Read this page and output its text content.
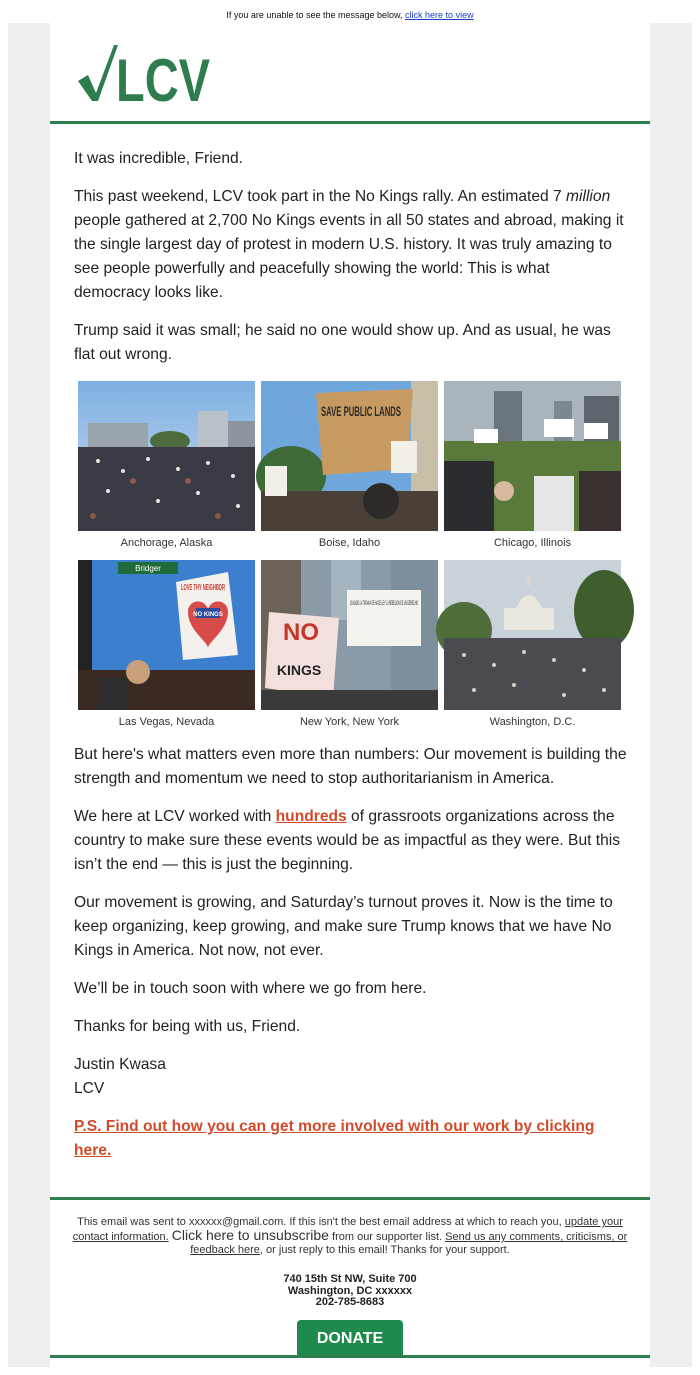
If you are unable to see the message below, click here to view
LCV

It was incredible, Friend.

This past weekend, LCV took part in the No Kings rally. An estimated 7 million people gathered at 2,700 No Kings events in all 50 states and abroad, making it the single largest day of protest in modern U.S. history. It was truly amazing to see people powerfully and peacefully showing the world: This is what democracy looks like.

Trump said it was small; he said no one would show up. And as usual, he was flat out wrong.

Anchorage, Alaska
SAVE PUBLIC LANDS
Boise, Idaho	Chicago, Illinois
Bridger
LOVE THY NEIGHBOR
NO KINGS
Las Vegas, Nevada
NO
KINGS
CUANDO LA TIRANIA SE HACE LEY LA REBELION ES UN DERECHO
New York, New York	Washington, D.C.

But here's what matters even more than numbers: Our movement is building the strength and momentum we need to stop authoritarianism in America.

We here at LCV worked with hundreds of grassroots organizations across the country to make sure these events would be as impactful as they were. But this isn’t the end — this is just the beginning.

Our movement is growing, and Saturday’s turnout proves it. Now is the time to keep organizing, keep growing, and make sure Trump knows that we have No Kings in America. Not now, not ever.

We’ll be in touch soon with where we go from here.

Thanks for being with us, Friend.

Justin Kwasa
LCV

P.S. Find out how you can get more involved with our work by clicking here.
This email was sent to xxxxxx@gmail.com. If this isn't the best email address at which to reach you, update your contact information. Click here to unsubscribe from our supporter list. Send us any comments, criticisms, or feedback here, or just reply to this email! Thanks for your support.
740 15th St NW, Suite 700
Washington, DC xxxxxx
202-785-8683
DONATE
